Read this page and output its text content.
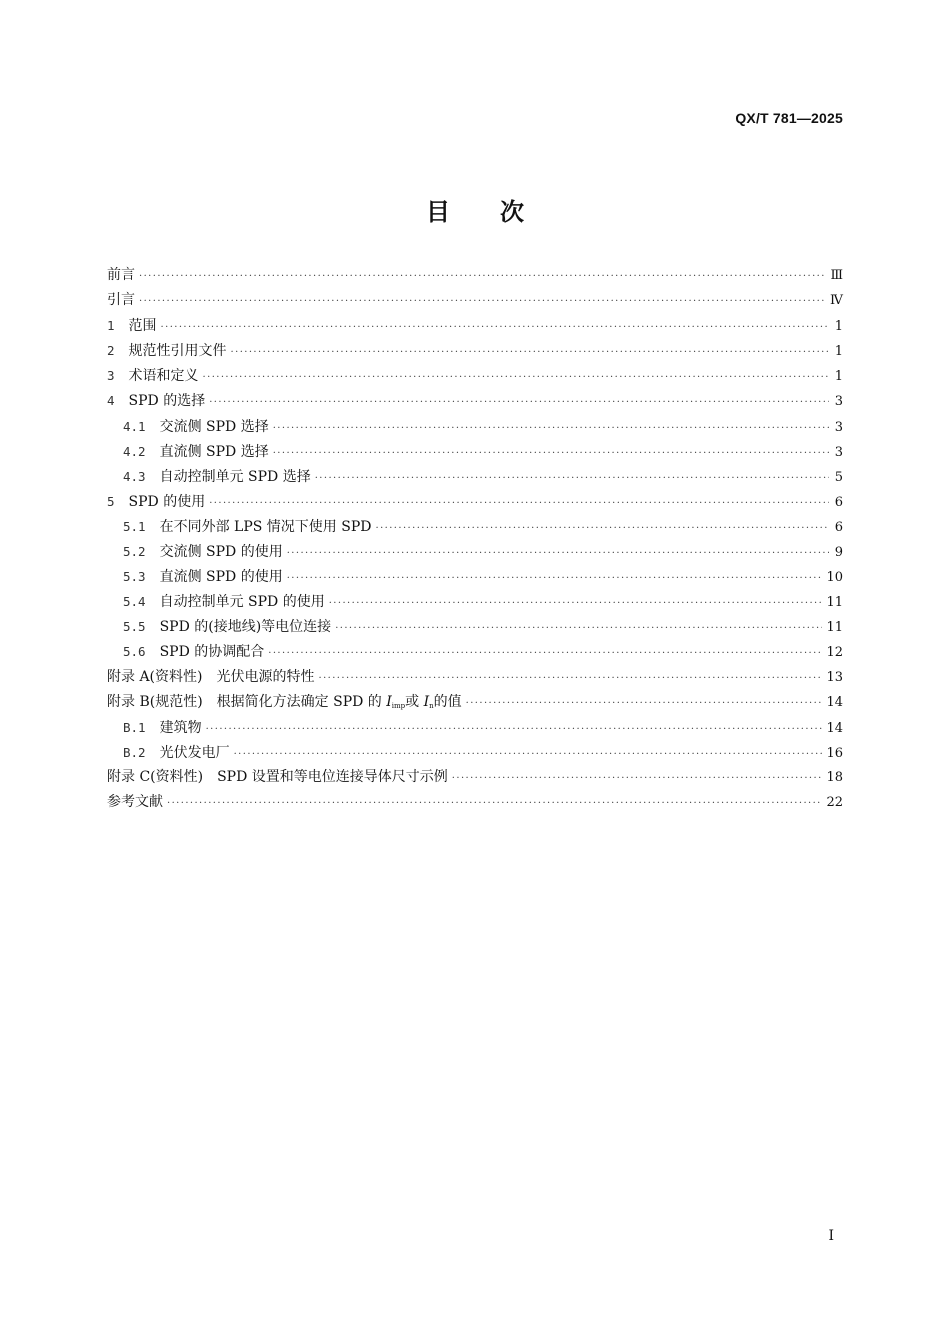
QX/T 781—2025
目次
前言 ·····	Ⅲ
引言 ·····	Ⅳ
1 范围 ·····	1
2 规范性引用文件 ·····	1
3 术语和定义 ·····	1
4 SPD 的选择 ·····	3
4.1 交流侧 SPD 选择 ·····	3
4.2 直流侧 SPD 选择 ·····	3
4.3 自动控制单元 SPD 选择 ·····	5
5 SPD 的使用 ·····	6
5.1 在不同外部 LPS 情况下使用 SPD ·····	6
5.2 交流侧 SPD 的使用 ·····	9
5.3 直流侧 SPD 的使用 ·····	10
5.4 自动控制单元 SPD 的使用 ·····	11
5.5 SPD 的(接地线)等电位连接 ·····	11
5.6 SPD 的协调配合 ·····	12
附录 A(资料性)　光伏电源的特性 ·····	13
附录 B(规范性)　根据简化方法确定 SPD 的 $I_{imp}$或 $I_n$的值 ·····	14
B.1 建筑物 ·····	14
B.2 光伏发电厂 ·····	16
附录 C(资料性)　SPD 设置和等电位连接导体尺寸示例 ·····	18
参考文献 ·····	22
Ⅰ
